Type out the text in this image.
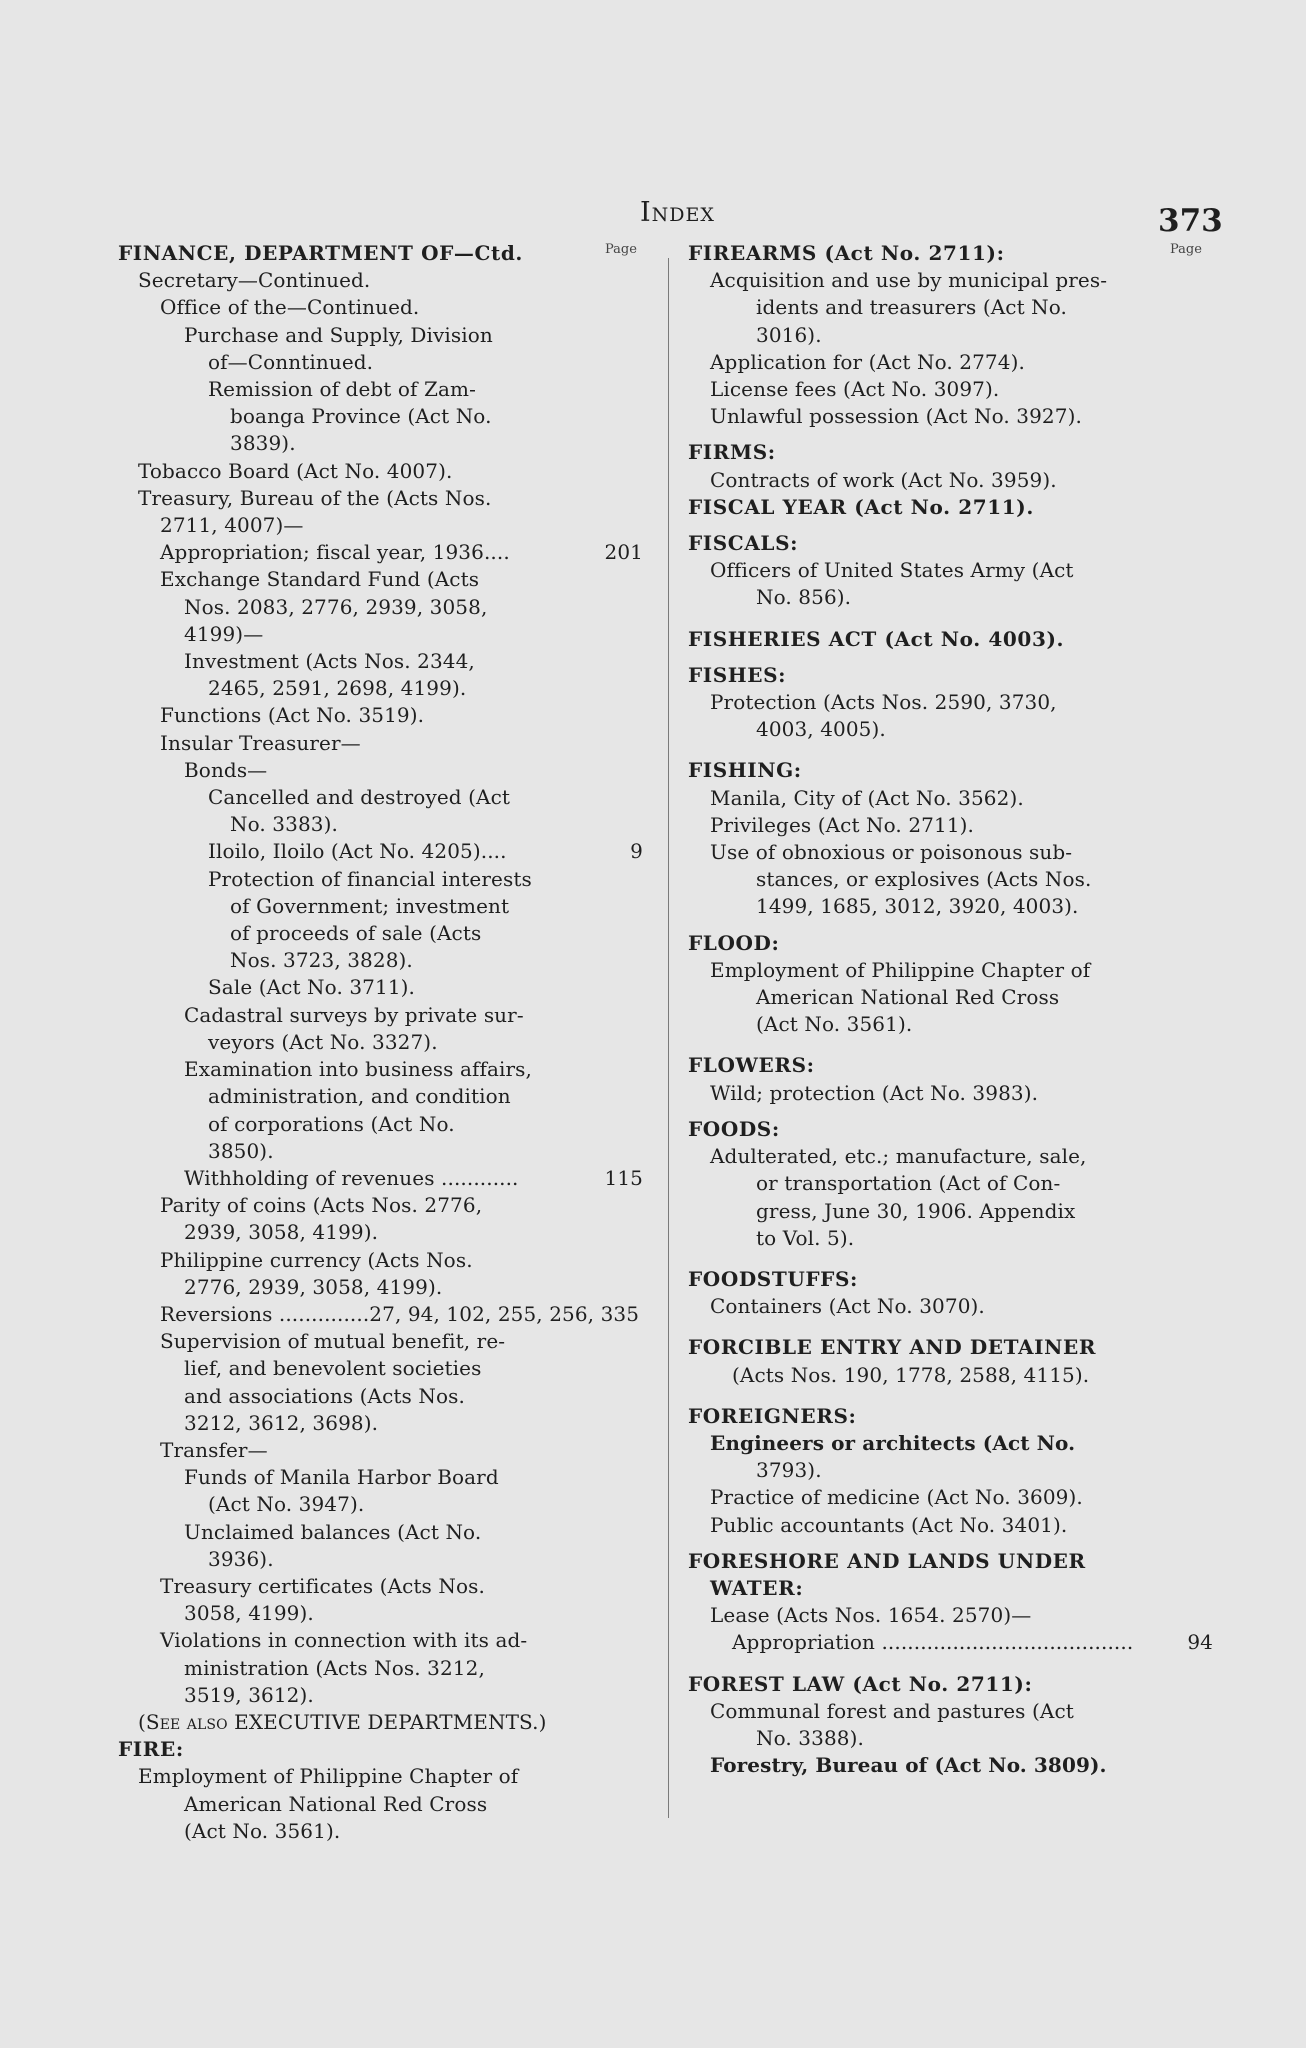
Index	373
Page
FINANCE, DEPARTMENT OF—Ctd.
Secretary—Continued.
Office of the—Continued.
Purchase and Supply, Division
of—Conntinued.
Remission of debt of Zam-
boanga Province (Act No.
3839).
Tobacco Board (Act No. 4007).
Treasury, Bureau of the (Acts Nos.
2711, 4007)—
Appropriation; fiscal year, 1936....	201
Exchange Standard Fund (Acts
Nos. 2083, 2776, 2939, 3058,
4199)—
Investment (Acts Nos. 2344,
2465, 2591, 2698, 4199).
Functions (Act No. 3519).
Insular Treasurer—
Bonds—
Cancelled and destroyed (Act
No. 3383).
Iloilo, Iloilo (Act No. 4205)....	9
Protection of financial interests
of Government; investment
of proceeds of sale (Acts
Nos. 3723, 3828).
Sale (Act No. 3711).
Cadastral surveys by private sur-
veyors (Act No. 3327).
Examination into business affairs,
administration, and condition
of corporations (Act No.
3850).
Withholding of revenues ............	115
Parity of coins (Acts Nos. 2776,
2939, 3058, 4199).
Philippine currency (Acts Nos.
2776, 2939, 3058, 4199).
Reversions ..............27, 94, 102, 255, 256, 335
Supervision of mutual benefit, re-
lief, and benevolent societies
and associations (Acts Nos.
3212, 3612, 3698).
Transfer—
Funds of Manila Harbor Board
(Act No. 3947).
Unclaimed balances (Act No.
3936).
Treasury certificates (Acts Nos.
3058, 4199).
Violations in connection with its ad-
ministration (Acts Nos. 3212,
3519, 3612).
(See also EXECUTIVE DEPARTMENTS.)
FIRE:
Employment of Philippine Chapter of
American National Red Cross
(Act No. 3561).
Page
FIREARMS (Act No. 2711):
Acquisition and use by municipal pres-
idents and treasurers (Act No.
3016).
Application for (Act No. 2774).
License fees (Act No. 3097).
Unlawful possession (Act No. 3927).
FIRMS:
Contracts of work (Act No. 3959).
FISCAL YEAR (Act No. 2711).
FISCALS:
Officers of United States Army (Act
No. 856).
FISHERIES ACT (Act No. 4003).
FISHES:
Protection (Acts Nos. 2590, 3730,
4003, 4005).
FISHING:
Manila, City of (Act No. 3562).
Privileges (Act No. 2711).
Use of obnoxious or poisonous sub-
stances, or explosives (Acts Nos.
1499, 1685, 3012, 3920, 4003).
FLOOD:
Employment of Philippine Chapter of
American National Red Cross
(Act No. 3561).
FLOWERS:
Wild; protection (Act No. 3983).
FOODS:
Adulterated, etc.; manufacture, sale,
or transportation (Act of Con-
gress, June 30, 1906. Appendix
to Vol. 5).
FOODSTUFFS:
Containers (Act No. 3070).
FORCIBLE ENTRY AND DETAINER
(Acts Nos. 190, 1778, 2588, 4115).
FOREIGNERS:
Engineers or architects (Act No.
3793).
Practice of medicine (Act No. 3609).
Public accountants (Act No. 3401).
FORESHORE AND LANDS UNDER
WATER:
Lease (Acts Nos. 1654. 2570)—
Appropriation .......................................	94
FOREST LAW (Act No. 2711):
Communal forest and pastures (Act
No. 3388).
Forestry, Bureau of (Act No. 3809).
